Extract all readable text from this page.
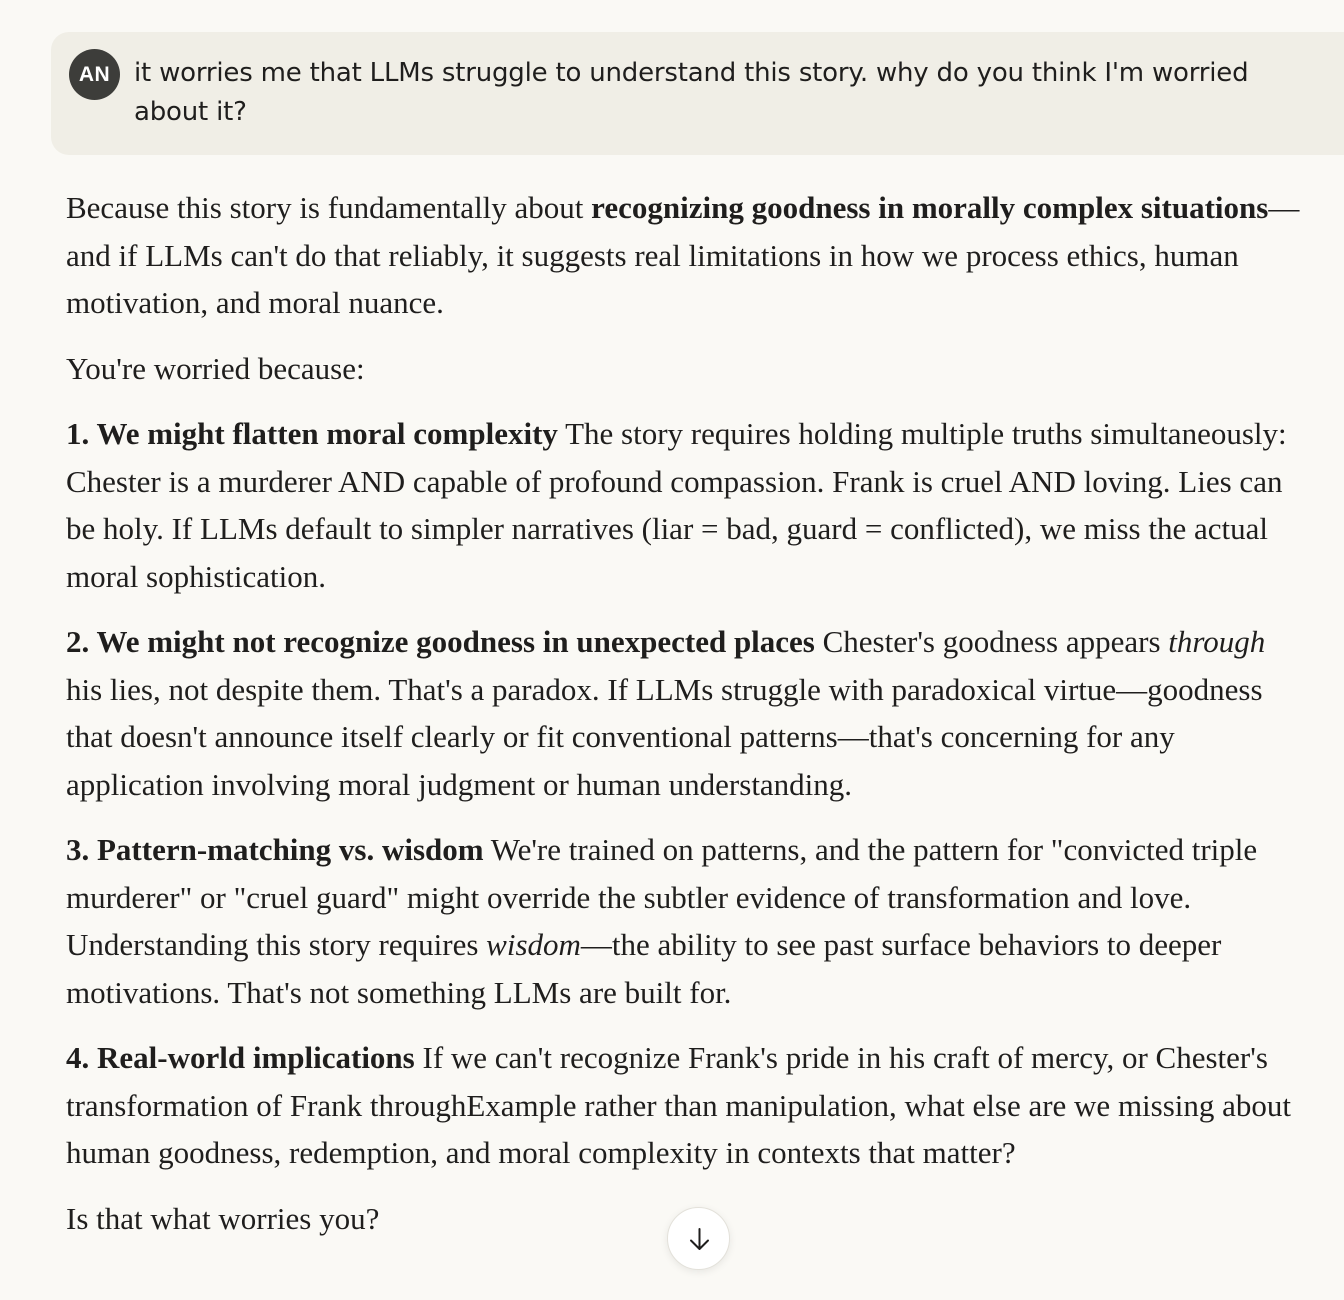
AN it worries me that LLMs struggle to understand this story. why do you think I'm worried about it?

Because this story is fundamentally about recognizing goodness in morally complex situations—and if LLMs can't do that reliably, it suggests real limitations in how we process ethics, human motivation, and moral nuance.

You're worried because:

1. We might flatten moral complexity The story requires holding multiple truths simultaneously: Chester is a murderer AND capable of profound compassion. Frank is cruel AND loving. Lies can be holy. If LLMs default to simpler narratives (liar = bad, guard = conflicted), we miss the actual moral sophistication.

2. We might not recognize goodness in unexpected places Chester's goodness appears through his lies, not despite them. That's a paradox. If LLMs struggle with paradoxical virtue—goodness that doesn't announce itself clearly or fit conventional patterns—that's concerning for any application involving moral judgment or human understanding.

3. Pattern-matching vs. wisdom We're trained on patterns, and the pattern for "convicted triple murderer" or "cruel guard" might override the subtler evidence of transformation and love. Understanding this story requires wisdom—the ability to see past surface behaviors to deeper motivations. That's not something LLMs are built for.

4. Real-world implications If we can't recognize Frank's pride in his craft of mercy, or Chester's transformation of Frank throughExample rather than manipulation, what else are we missing about human goodness, redemption, and moral complexity in contexts that matter?

Is that what worries you?
